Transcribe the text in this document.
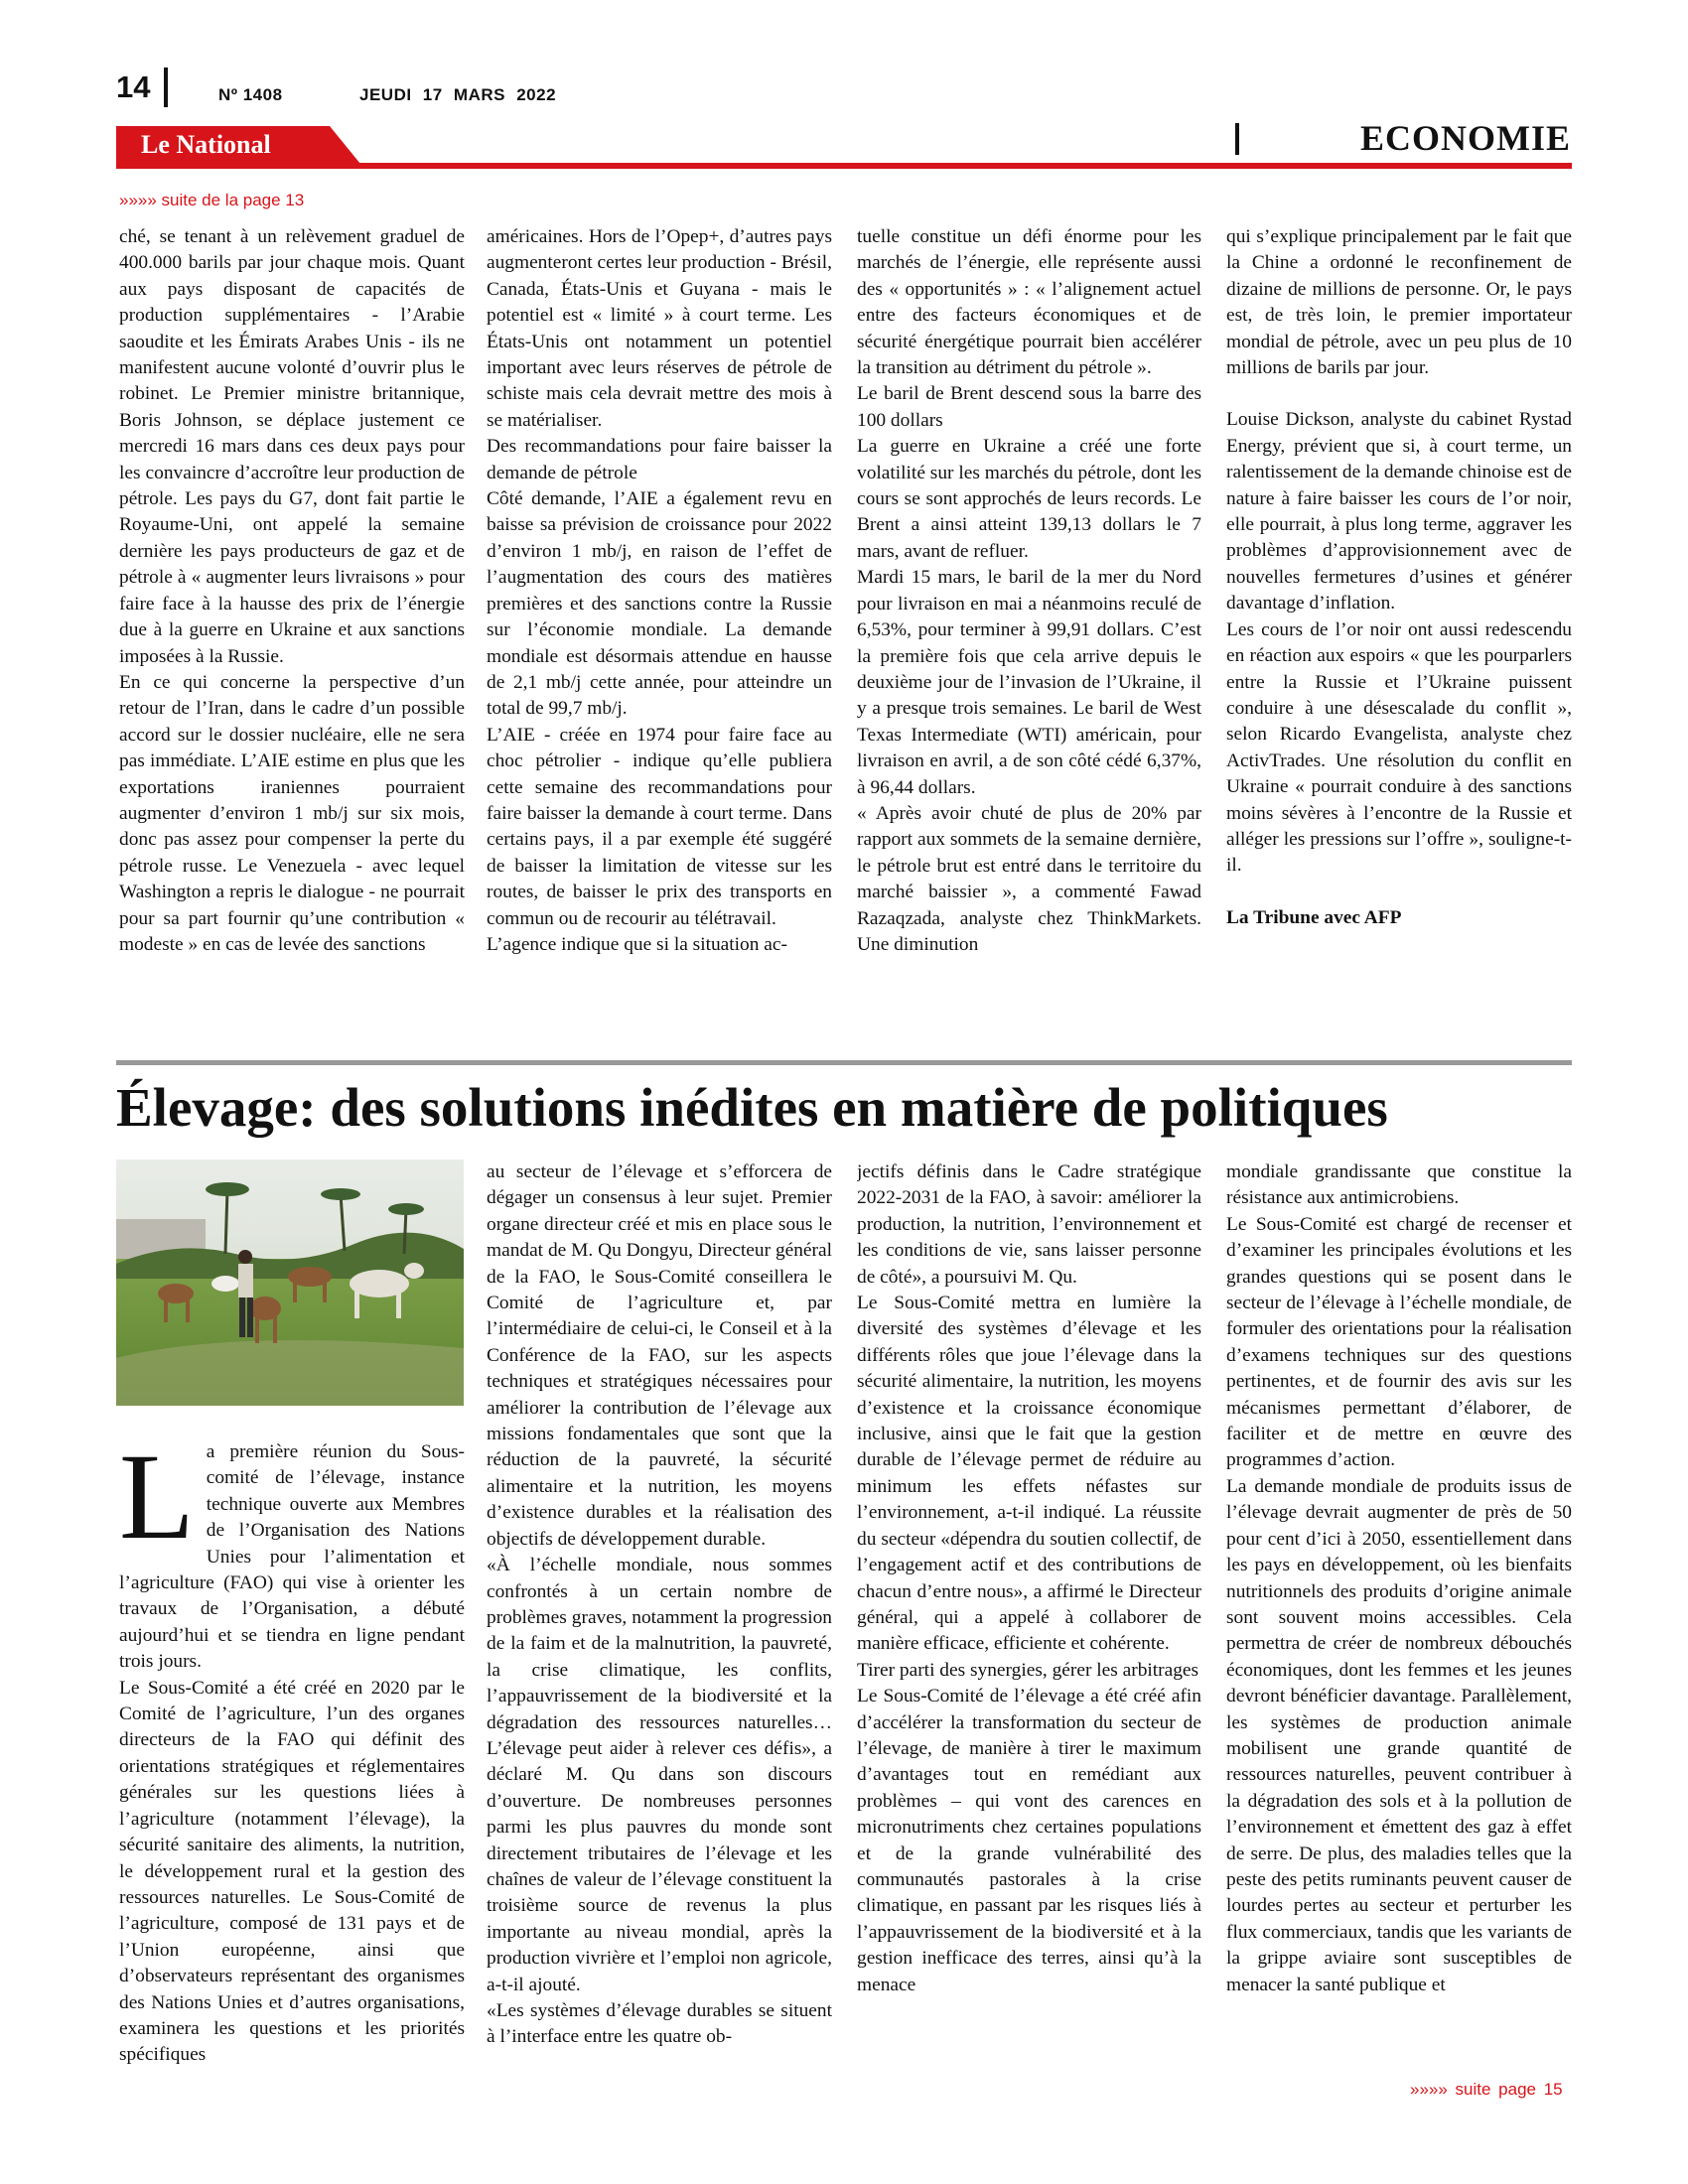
14	Nº 1408	JEUDI 17 MARS 2022
Le National	ECONOMIE
»»»» suite de la page 13

ché, se tenant à un relèvement graduel de 400.000 barils par jour chaque mois. Quant aux pays disposant de capacités de production supplémentaires - l’Arabie saoudite et les Émirats Arabes Unis - ils ne manifestent aucune volonté d’ouvrir plus le robinet. Le Premier ministre britannique, Boris Johnson, se déplace justement ce mercredi 16 mars dans ces deux pays pour les convaincre d’accroître leur production de pétrole. Les pays du G7, dont fait partie le Royaume-Uni, ont appelé la semaine dernière les pays producteurs de gaz et de pétrole à « augmenter leurs livraisons » pour faire face à la hausse des prix de l’énergie due à la guerre en Ukraine et aux sanctions imposées à la Russie.

En ce qui concerne la perspective d’un retour de l’Iran, dans le cadre d’un possible accord sur le dossier nucléaire, elle ne sera pas immédiate. L’AIE estime en plus que les exportations iraniennes pourraient augmenter d’environ 1 mb/j sur six mois, donc pas assez pour compenser la perte du pétrole russe. Le Venezuela - avec lequel Washington a repris le dialogue - ne pourrait pour sa part fournir qu’une contribution « modeste » en cas de levée des sanctions

américaines. Hors de l’Opep+, d’autres pays augmenteront certes leur production - Brésil, Canada, États-Unis et Guyana - mais le potentiel est « limité » à court terme. Les États-Unis ont notamment un potentiel important avec leurs réserves de pétrole de schiste mais cela devrait mettre des mois à se matérialiser.

Des recommandations pour faire baisser la demande de pétrole

Côté demande, l’AIE a également revu en baisse sa prévision de croissance pour 2022 d’environ 1 mb/j, en raison de l’effet de l’augmentation des cours des matières premières et des sanctions contre la Russie sur l’économie mondiale. La demande mondiale est désormais attendue en hausse de 2,1 mb/j cette année, pour atteindre un total de 99,7 mb/j.

L’AIE - créée en 1974 pour faire face au choc pétrolier - indique qu’elle publiera cette semaine des recommandations pour faire baisser la demande à court terme. Dans certains pays, il a par exemple été suggéré de baisser la limitation de vitesse sur les routes, de baisser le prix des transports en commun ou de recourir au télétravail.

L’agence indique que si la situation ac-

tuelle constitue un défi énorme pour les marchés de l’énergie, elle représente aussi des « opportunités » : « l’alignement actuel entre des facteurs économiques et de sécurité énergétique pourrait bien accélérer la transition au détriment du pétrole ».

Le baril de Brent descend sous la barre des 100 dollars

La guerre en Ukraine a créé une forte volatilité sur les marchés du pétrole, dont les cours se sont approchés de leurs records. Le Brent a ainsi atteint 139,13 dollars le 7 mars, avant de refluer.

Mardi 15 mars, le baril de la mer du Nord pour livraison en mai a néanmoins reculé de 6,53%, pour terminer à 99,91 dollars. C’est la première fois que cela arrive depuis le deuxième jour de l’invasion de l’Ukraine, il y a presque trois semaines. Le baril de West Texas Intermediate (WTI) américain, pour livraison en avril, a de son côté cédé 6,37%, à 96,44 dollars.

« Après avoir chuté de plus de 20% par rapport aux sommets de la semaine dernière, le pétrole brut est entré dans le territoire du marché baissier », a commenté Fawad Razaqzada, analyste chez ThinkMarkets. Une diminution

qui s’explique principalement par le fait que la Chine a ordonné le reconfinement de dizaine de millions de personne. Or, le pays est, de très loin, le premier importateur mondial de pétrole, avec un peu plus de 10 millions de barils par jour.

Louise Dickson, analyste du cabinet Rystad Energy, prévient que si, à court terme, un ralentissement de la demande chinoise est de nature à faire baisser les cours de l’or noir, elle pourrait, à plus long terme, aggraver les problèmes d’approvisionnement avec de nouvelles fermetures d’usines et générer davantage d’inflation.

Les cours de l’or noir ont aussi redescendu en réaction aux espoirs « que les pourparlers entre la Russie et l’Ukraine puissent conduire à une désescalade du conflit », selon Ricardo Evangelista, analyste chez ActivTrades. Une résolution du conflit en Ukraine « pourrait conduire à des sanctions moins sévères à l’encontre de la Russie et alléger les pressions sur l’offre », souligne-t-il.

La Tribune avec AFP

Élevage: des solutions inédites en matière de politiques

La première réunion du Sous-comité de l’élevage, instance technique ouverte aux Membres de l’Organisation des Nations Unies pour l’alimentation et l’agriculture (FAO) qui vise à orienter les travaux de l’Organisation, a débuté aujourd’hui et se tiendra en ligne pendant trois jours.

Le Sous-Comité a été créé en 2020 par le Comité de l’agriculture, l’un des organes directeurs de la FAO qui définit des orientations stratégiques et réglementaires générales sur les questions liées à l’agriculture (notamment l’élevage), la sécurité sanitaire des aliments, la nutrition, le développement rural et la gestion des ressources naturelles. Le Sous-Comité de l’agriculture, composé de 131 pays et de l’Union européenne, ainsi que d’observateurs représentant des organismes des Nations Unies et d’autres organisations, examinera les questions et les priorités spécifiques

au secteur de l’élevage et s’efforcera de dégager un consensus à leur sujet. Premier organe directeur créé et mis en place sous le mandat de M. Qu Dongyu, Directeur général de la FAO, le Sous-Comité conseillera le Comité de l’agriculture et, par l’intermédiaire de celui-ci, le Conseil et à la Conférence de la FAO, sur les aspects techniques et stratégiques nécessaires pour améliorer la contribution de l’élevage aux missions fondamentales que sont que la réduction de la pauvreté, la sécurité alimentaire et la nutrition, les moyens d’existence durables et la réalisation des objectifs de développement durable.

«À l’échelle mondiale, nous sommes confrontés à un certain nombre de problèmes graves, notamment la progression de la faim et de la malnutrition, la pauvreté, la crise climatique, les conflits, l’appauvrissement de la biodiversité et la dégradation des ressources naturelles… L’élevage peut aider à relever ces défis», a déclaré M. Qu dans son discours d’ouverture. De nombreuses personnes parmi les plus pauvres du monde sont directement tributaires de l’élevage et les chaînes de valeur de l’élevage constituent la troisième source de revenus la plus importante au niveau mondial, après la production vivrière et l’emploi non agricole, a-t-il ajouté.

«Les systèmes d’élevage durables se situent à l’interface entre les quatre ob-

jectifs définis dans le Cadre stratégique 2022-2031 de la FAO, à savoir: améliorer la production, la nutrition, l’environnement et les conditions de vie, sans laisser personne de côté», a poursuivi M. Qu.

Le Sous-Comité mettra en lumière la diversité des systèmes d’élevage et les différents rôles que joue l’élevage dans la sécurité alimentaire, la nutrition, les moyens d’existence et la croissance économique inclusive, ainsi que le fait que la gestion durable de l’élevage permet de réduire au minimum les effets néfastes sur l’environnement, a-t-il indiqué. La réussite du secteur «dépendra du soutien collectif, de l’engagement actif et des contributions de chacun d’entre nous», a affirmé le Directeur général, qui a appelé à collaborer de manière efficace, efficiente et cohérente.

Tirer parti des synergies, gérer les arbitrages

Le Sous-Comité de l’élevage a été créé afin d’accélérer la transformation du secteur de l’élevage, de manière à tirer le maximum d’avantages tout en remédiant aux problèmes – qui vont des carences en micronutriments chez certaines populations et de la grande vulnérabilité des communautés pastorales à la crise climatique, en passant par les risques liés à l’appauvrissement de la biodiversité et à la gestion inefficace des terres, ainsi qu’à la menace

mondiale grandissante que constitue la résistance aux antimicrobiens.

Le Sous-Comité est chargé de recenser et d’examiner les principales évolutions et les grandes questions qui se posent dans le secteur de l’élevage à l’échelle mondiale, de formuler des orientations pour la réalisation d’examens techniques sur des questions pertinentes, et de fournir des avis sur les mécanismes permettant d’élaborer, de faciliter et de mettre en œuvre des programmes d’action.

La demande mondiale de produits issus de l’élevage devrait augmenter de près de 50 pour cent d’ici à 2050, essentiellement dans les pays en développement, où les bienfaits nutritionnels des produits d’origine animale sont souvent moins accessibles. Cela permettra de créer de nombreux débouchés économiques, dont les femmes et les jeunes devront bénéficier davantage. Parallèlement, les systèmes de production animale mobilisent une grande quantité de ressources naturelles, peuvent contribuer à la dégradation des sols et à la pollution de l’environnement et émettent des gaz à effet de serre. De plus, des maladies telles que la peste des petits ruminants peuvent causer de lourdes pertes au secteur et perturber les flux commerciaux, tandis que les variants de la grippe aviaire sont susceptibles de menacer la santé publique et

»»»» suite page 15
